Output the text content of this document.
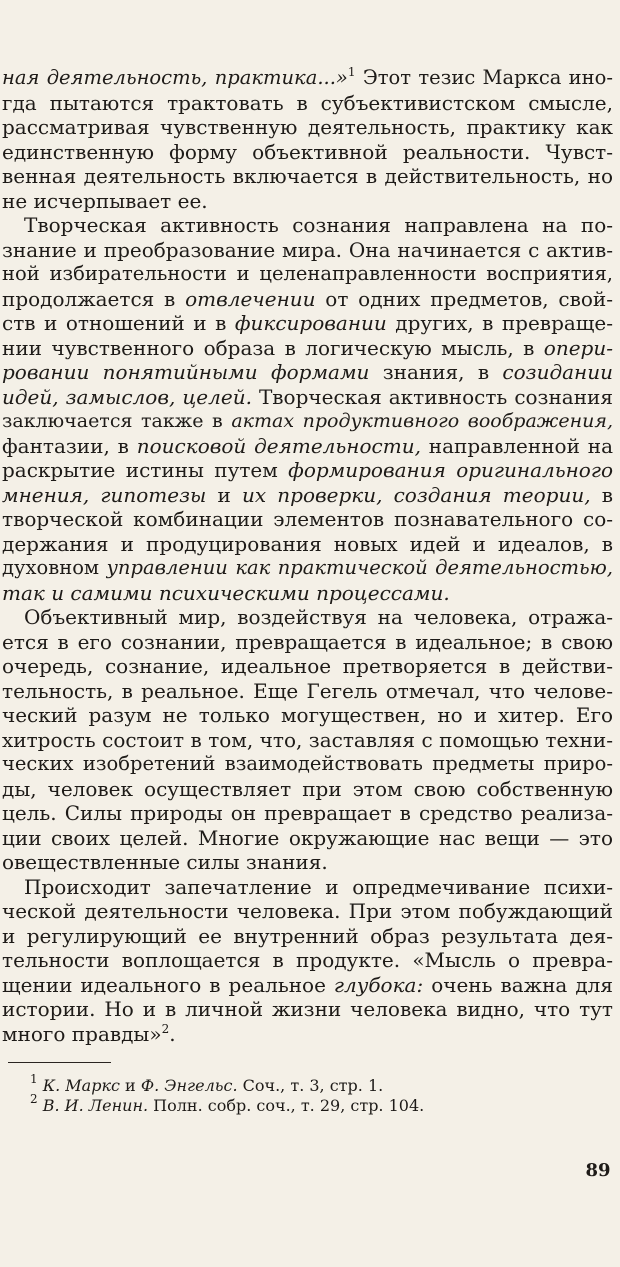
ная деятельность, практика...»$^1$ Этот тезис Маркса ино-
гда пытаются трактовать в субъективистском смысле,
рассматривая чувственную деятельность, практику как
единственную форму объективной реальности. Чувст-
венная деятельность включается в действительность, но
не исчерпывает ее.
Творческая активность сознания направлена на по-
знание и преобразование мира. Она начинается с актив-
ной избирательности и целенаправленности восприятия,
продолжается в отвлечении от одних предметов, свой-
ств и отношений и в фиксировании других, в превраще-
нии чувственного образа в логическую мысль, в опери-
ровании понятийными формами знания, в созидании
идей, замыслов, целей. Творческая активность сознания
заключается также в актах продуктивного воображения,
фантазии, в поисковой деятельности, направленной на
раскрытие истины путем формирования оригинального
мнения, гипотезы и их проверки, создания теории, в
творческой комбинации элементов познавательного со-
держания и продуцирования новых идей и идеалов, в
духовном управлении как практической деятельностью,
так и самими психическими процессами.
Объективный мир, воздействуя на человека, отража-
ется в его сознании, превращается в идеальное; в свою
очередь, сознание, идеальное претворяется в действи-
тельность, в реальное. Еще Гегель отмечал, что челове-
ческий разум не только могуществен, но и хитер. Его
хитрость состоит в том, что, заставляя с помощью техни-
ческих изобретений взаимодействовать предметы приро-
ды, человек осуществляет при этом свою собственную
цель. Силы природы он превращает в средство реализа-
ции своих целей. Многие окружающие нас вещи — это
овеществленные силы знания.
Происходит запечатление и опредмечивание психи-
ческой деятельности человека. При этом побуждающий
и регулирующий ее внутренний образ результата дея-
тельности воплощается в продукте. «Мысль о превра-
щении идеального в реальное глубока: очень важна для
истории. Но и в личной жизни человека видно, что тут
много правды»$^2$.
$^1$ К. Маркс и Ф. Энгельс. Соч., т. 3, стр. 1.
$^2$ В. И. Ленин. Полн. собр. соч., т. 29, стр. 104.
89
